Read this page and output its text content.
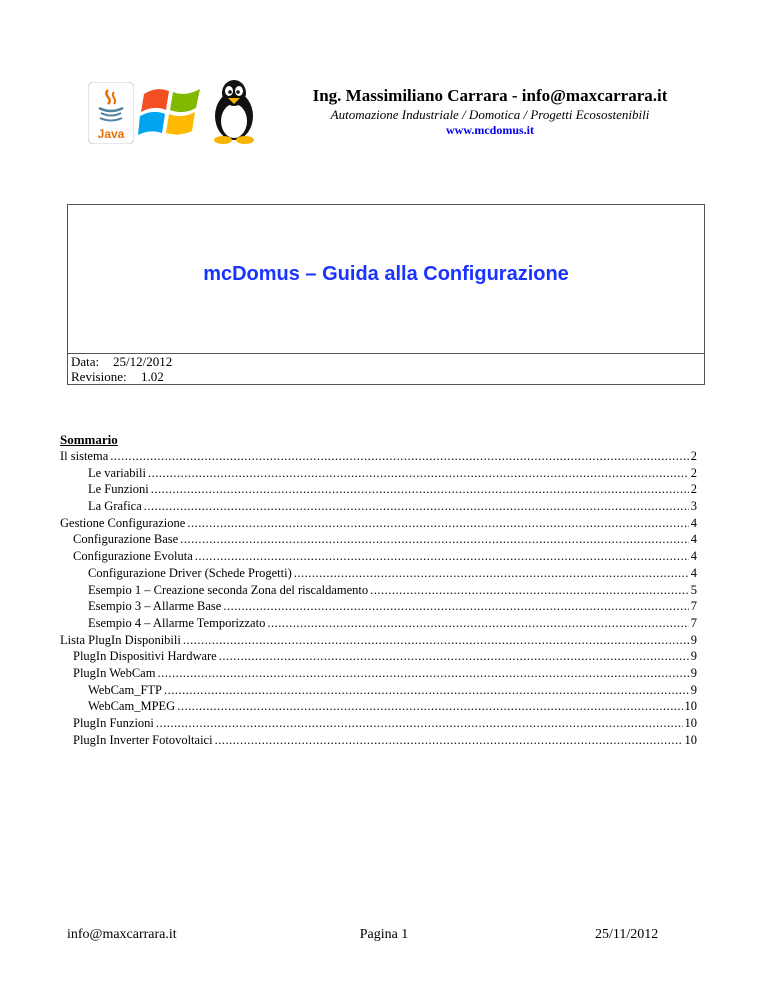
Java
Ing. Massimiliano Carrara - info@maxcarrara.it
Automazione Industriale / Domotica / Progetti Ecosostenibili
www.mcdomus.it
mcDomus – Guida alla Configurazione
Data: 25/12/2012
Revisione: 1.02
Sommario
Il sistema .....	2
Le variabili .....	2
Le Funzioni .....	2
La Grafica .....	3
Gestione Configurazione .....	4
Configurazione Base .....	4
Configurazione Evoluta .....	4
Configurazione Driver (Schede Progetti) .....	4
Esempio 1 – Creazione seconda Zona del riscaldamento .....	5
Esempio 3 – Allarme Base .....	7
Esempio 4 – Allarme Temporizzato .....	7
Lista PlugIn Disponibili .....	9
PlugIn Dispositivi Hardware .....	9
PlugIn WebCam .....	9
WebCam_FTP .....	9
WebCam_MPEG .....	10
PlugIn Funzioni .....	10
PlugIn Inverter Fotovoltaici .....	10
info@maxcarrara.it	Pagina 1	25/11/2012
